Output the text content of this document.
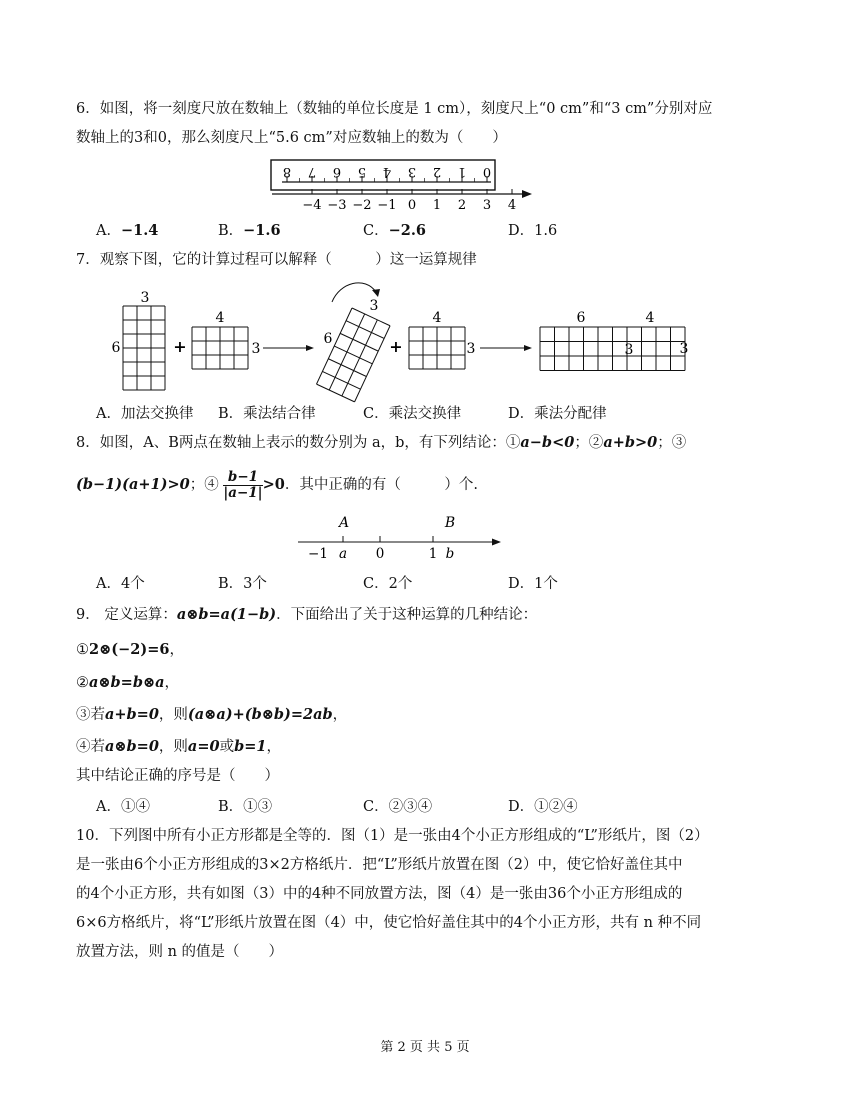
6．如图，将一刻度尺放在数轴上（数轴的单位长度是 1 cm），刻度尺上“0 cm”和“3 cm”分别对应
数轴上的3和0，那么刻度尺上“5.6 cm”对应数轴上的数为（　　）
8 7 6 5 4 3 2 1 0
−4 −3 −2 −1 0 1 2 3 4
A．−1.4	B．−1.6	C．−2.6	D．1.6
7．观察下图，它的计算过程可以解释（　　　）这一运算规律
3
6	+
4
3
3
6	+
4
3
6	4
3	3
A．加法交换律 B．乘法结合律	C．乘法交换律	D．乘法分配律
8．如图，A、B两点在数轴上表示的数分别为 a，b，有下列结论：①a−b<0；②a+b>0；③
(b−1)(a+1)>0；④ $\frac{b-1}{|a-1|} >0$．其中正确的有（　　　）个.
A	B
−1 a 0	1 b
A．4个	B．3个	C．2个	D．1个
9． 定义运算：a⊗b=a(1−b)．下面给出了关于这种运算的几种结论：
①2⊗(−2)=6，
②a⊗b=b⊗a，
③若a+b=0，则(a⊗a)+(b⊗b)=2ab，
④若a⊗b=0，则a=0或b=1，
其中结论正确的序号是（　　）
A．①④	B．①③	C．②③④	D．①②④
10．下列图中所有小正方形都是全等的．图（1）是一张由4个小正方形组成的“L”形纸片，图（2）
是一张由6个小正方形组成的3×2方格纸片．把“L”形纸片放置在图（2）中，使它恰好盖住其中
的4个小正方形，共有如图（3）中的4种不同放置方法，图（4）是一张由36个小正方形组成的
6×6方格纸片，将“L”形纸片放置在图（4）中，使它恰好盖住其中的4个小正方形，共有 n 种不同
放置方法，则 n 的值是（　　）
第 2 页 共 5 页
